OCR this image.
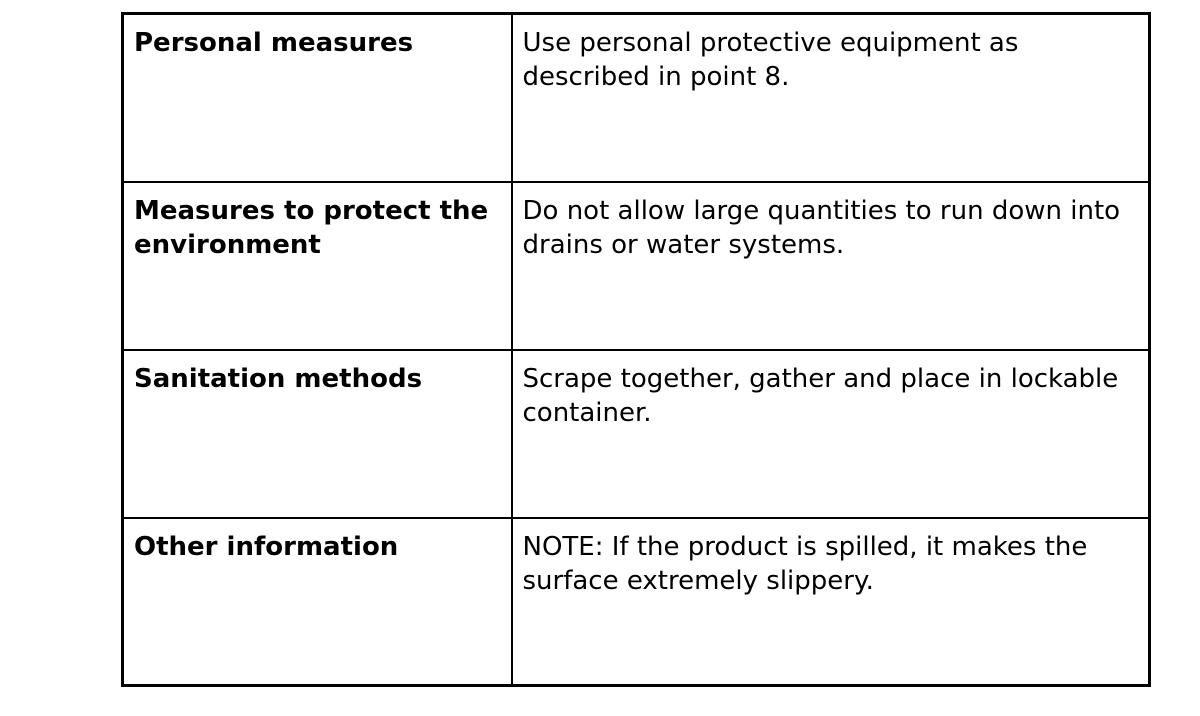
Personal measures	Use personal protective equipment as described in point 8.
Measures to protect the environment	Do not allow large quantities to run down into drains or water systems.
Sanitation methods	Scrape together, gather and place in lockable container.
Other information	NOTE: If the product is spilled, it makes the surface extremely slippery.
